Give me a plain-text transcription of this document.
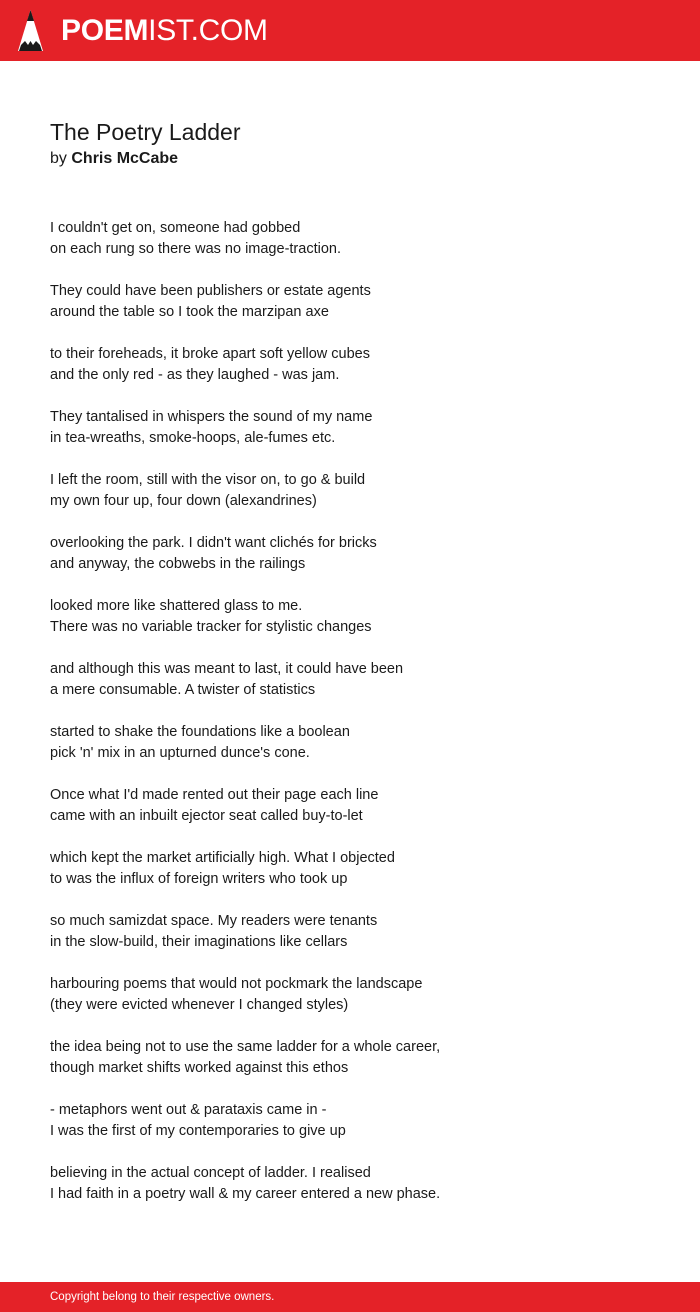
POEMIST.COM
The Poetry Ladder
by Chris McCabe
I couldn't get on, someone had gobbed
on each rung so there was no image-traction.
They could have been publishers or estate agents
around the table so I took the marzipan axe
to their foreheads, it broke apart soft yellow cubes
and the only red - as they laughed - was jam.
They tantalised in whispers the sound of my name
in tea-wreaths, smoke-hoops, ale-fumes etc.
I left the room, still with the visor on, to go & build
my own four up, four down (alexandrines)
overlooking the park. I didn't want clichés for bricks
and anyway, the cobwebs in the railings
looked more like shattered glass to me.
There was no variable tracker for stylistic changes
and although this was meant to last, it could have been
a mere consumable. A twister of statistics
started to shake the foundations like a boolean
pick 'n' mix in an upturned dunce's cone.
Once what I'd made rented out their page each line
came with an inbuilt ejector seat called buy-to-let
which kept the market artificially high. What I objected
to was the influx of foreign writers who took up
so much samizdat space. My readers were tenants
in the slow-build, their imaginations like cellars
harbouring poems that would not pockmark the landscape
(they were evicted whenever I changed styles)
the idea being not to use the same ladder for a whole career,
though market shifts worked against this ethos
- metaphors went out & parataxis came in -
I was the first of my contemporaries to give up
believing in the actual concept of ladder. I realised
I had faith in a poetry wall & my career entered a new phase.
Copyright belong to their respective owners.
